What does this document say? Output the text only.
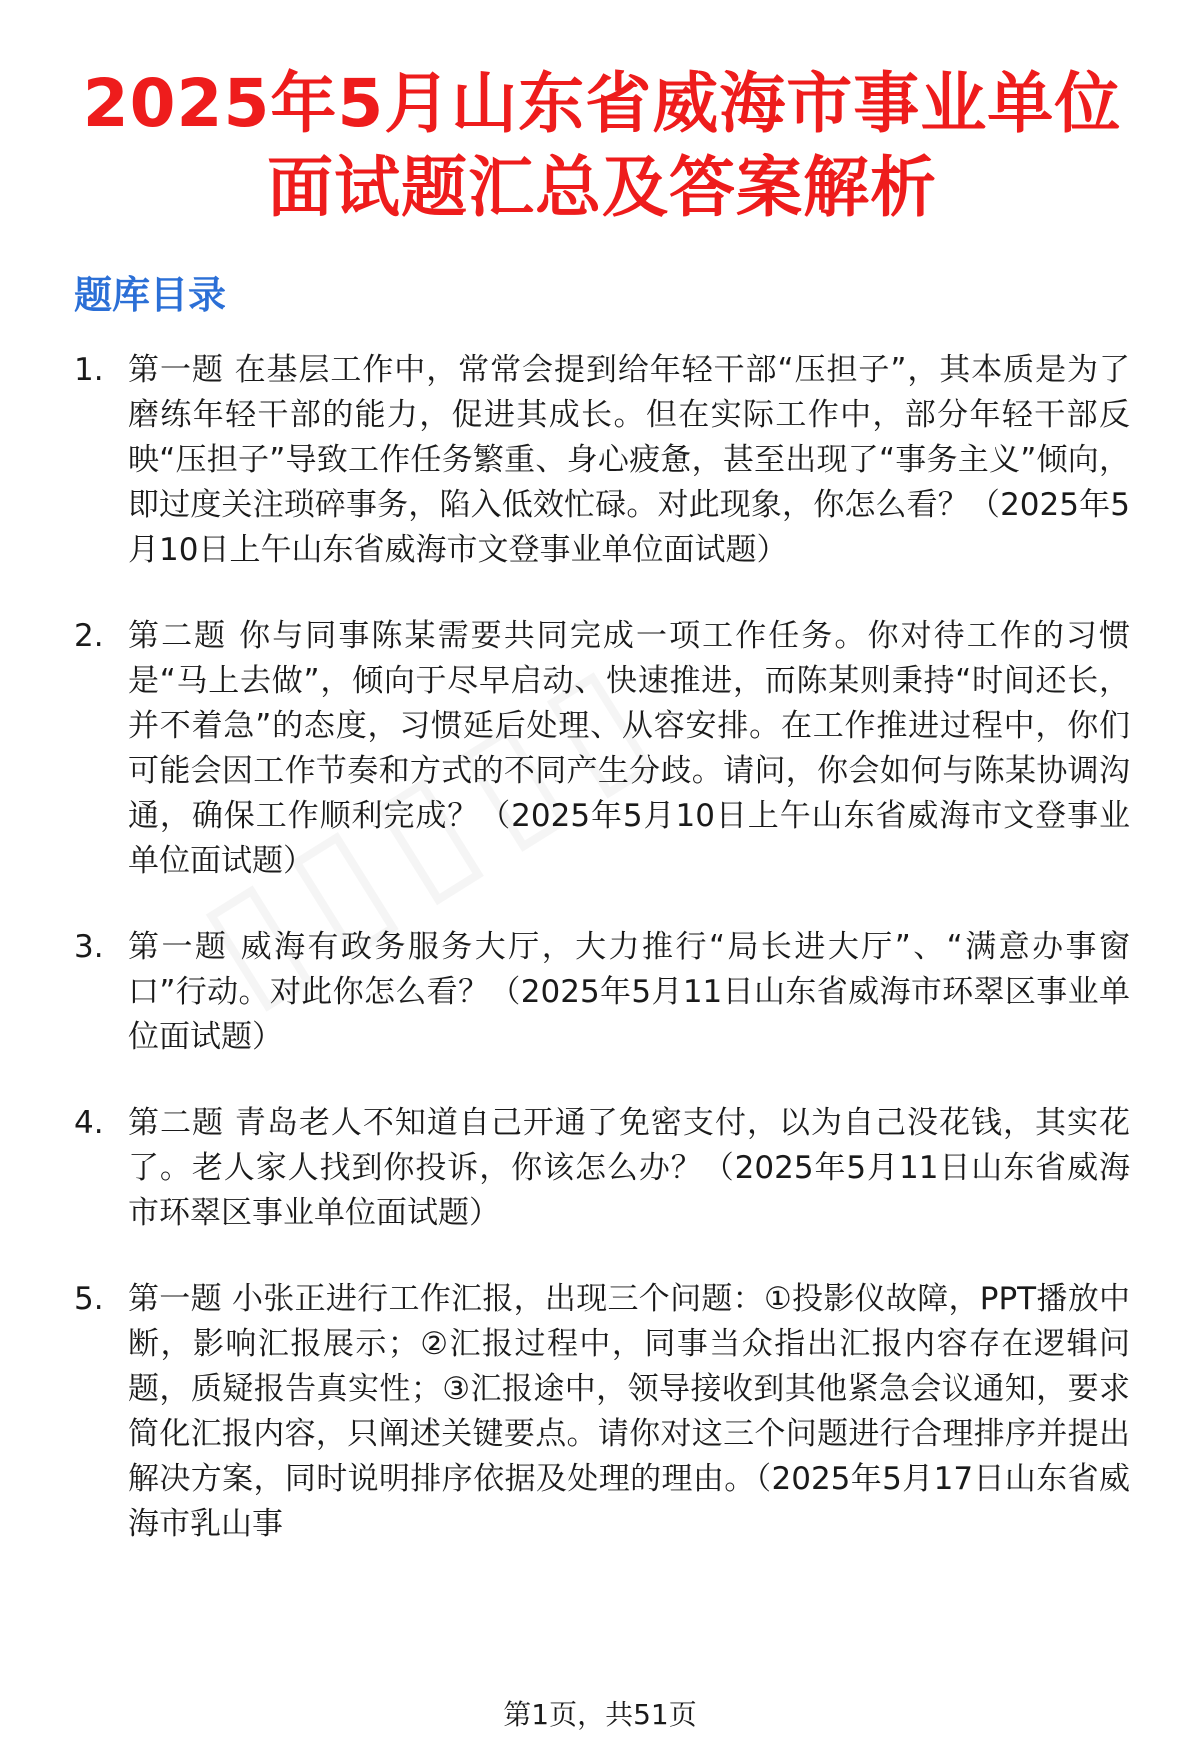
2025年5月山东省威海市事业单位
面试题汇总及答案解析
题库目录
1. 第一题 在基层工作中，常常会提到给年轻干部“压担子”，其本质是为了磨练年轻干部的能力，促进其成长。但在实际工作中，部分年轻干部反映“压担子”导致工作任务繁重、身心疲惫，甚至出现了“事务主义”倾向，即过度关注琐碎事务，陷入低效忙碌。对此现象，你怎么看？（2025年5月10日上午山东省威海市文登事业单位面试题）
2. 第二题 你与同事陈某需要共同完成一项工作任务。你对待工作的习惯是“马上去做”，倾向于尽早启动、快速推进，而陈某则秉持“时间还长，并不着急”的态度，习惯延后处理、从容安排。在工作推进过程中，你们可能会因工作节奏和方式的不同产生分歧。请问，你会如何与陈某协调沟通，确保工作顺利完成？（2025年5月10日上午山东省威海市文登事业单位面试题）
3. 第一题 威海有政务服务大厅，大力推行“局长进大厅”、“满意办事窗口”行动。对此你怎么看？（2025年5月11日山东省威海市环翠区事业单位面试题）
4. 第二题 青岛老人不知道自己开通了免密支付，以为自己没花钱，其实花了。老人家人找到你投诉，你该怎么办？（2025年5月11日山东省威海市环翠区事业单位面试题）
5. 第一题 小张正进行工作汇报，出现三个问题：①投影仪故障，PPT播放中断，影响汇报展示；②汇报过程中，同事当众指出汇报内容存在逻辑问题，质疑报告真实性；③汇报途中，领导接收到其他紧急会议通知，要求简化汇报内容，只阐述关键要点。请你对这三个问题进行合理排序并提出解决方案，同时说明排序依据及处理的理由。（2025年5月17日山东省威海市乳山事
第1页，共51页
